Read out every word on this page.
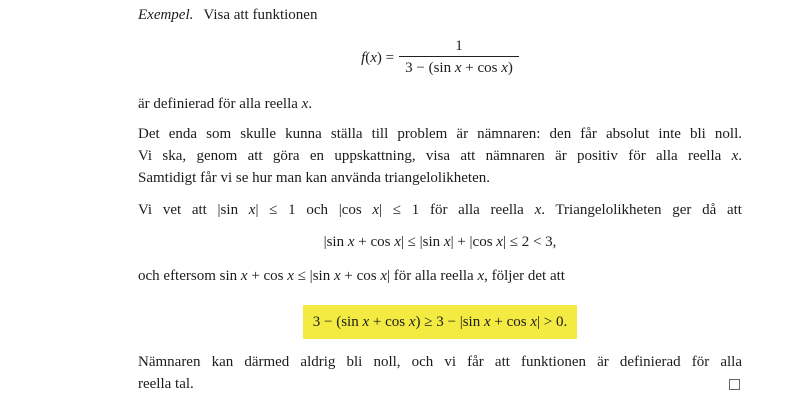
Exempel. Visa att funktionen
$f(x) = \frac{1}{\text{3 − (sin x + cos x)}}$
är definierad för alla reella x.
Det enda som skulle kunna ställa till problem är nämnaren: den får absolut inte bli noll.
Vi ska, genom att göra en uppskattning, visa att nämnaren är positiv för alla reella x.
Samtidigt får vi se hur man kan använda triangelolikheten.
Vi vet att |sin x| ≤ 1 och |cos x| ≤ 1 för alla reella x. Triangelolikheten ger då att
|sin x + cos x| ≤ |sin x| + |cos x| ≤ 2 < 3,
och eftersom sin x + cos x ≤ |sin x + cos x| för alla reella x, följer det att
3 − (sin x + cos x) ≥ 3 − |sin x + cos x| > 0.
Nämnaren kan därmed aldrig bli noll, och vi får att funktionen är definierad för alla
reella tal.
